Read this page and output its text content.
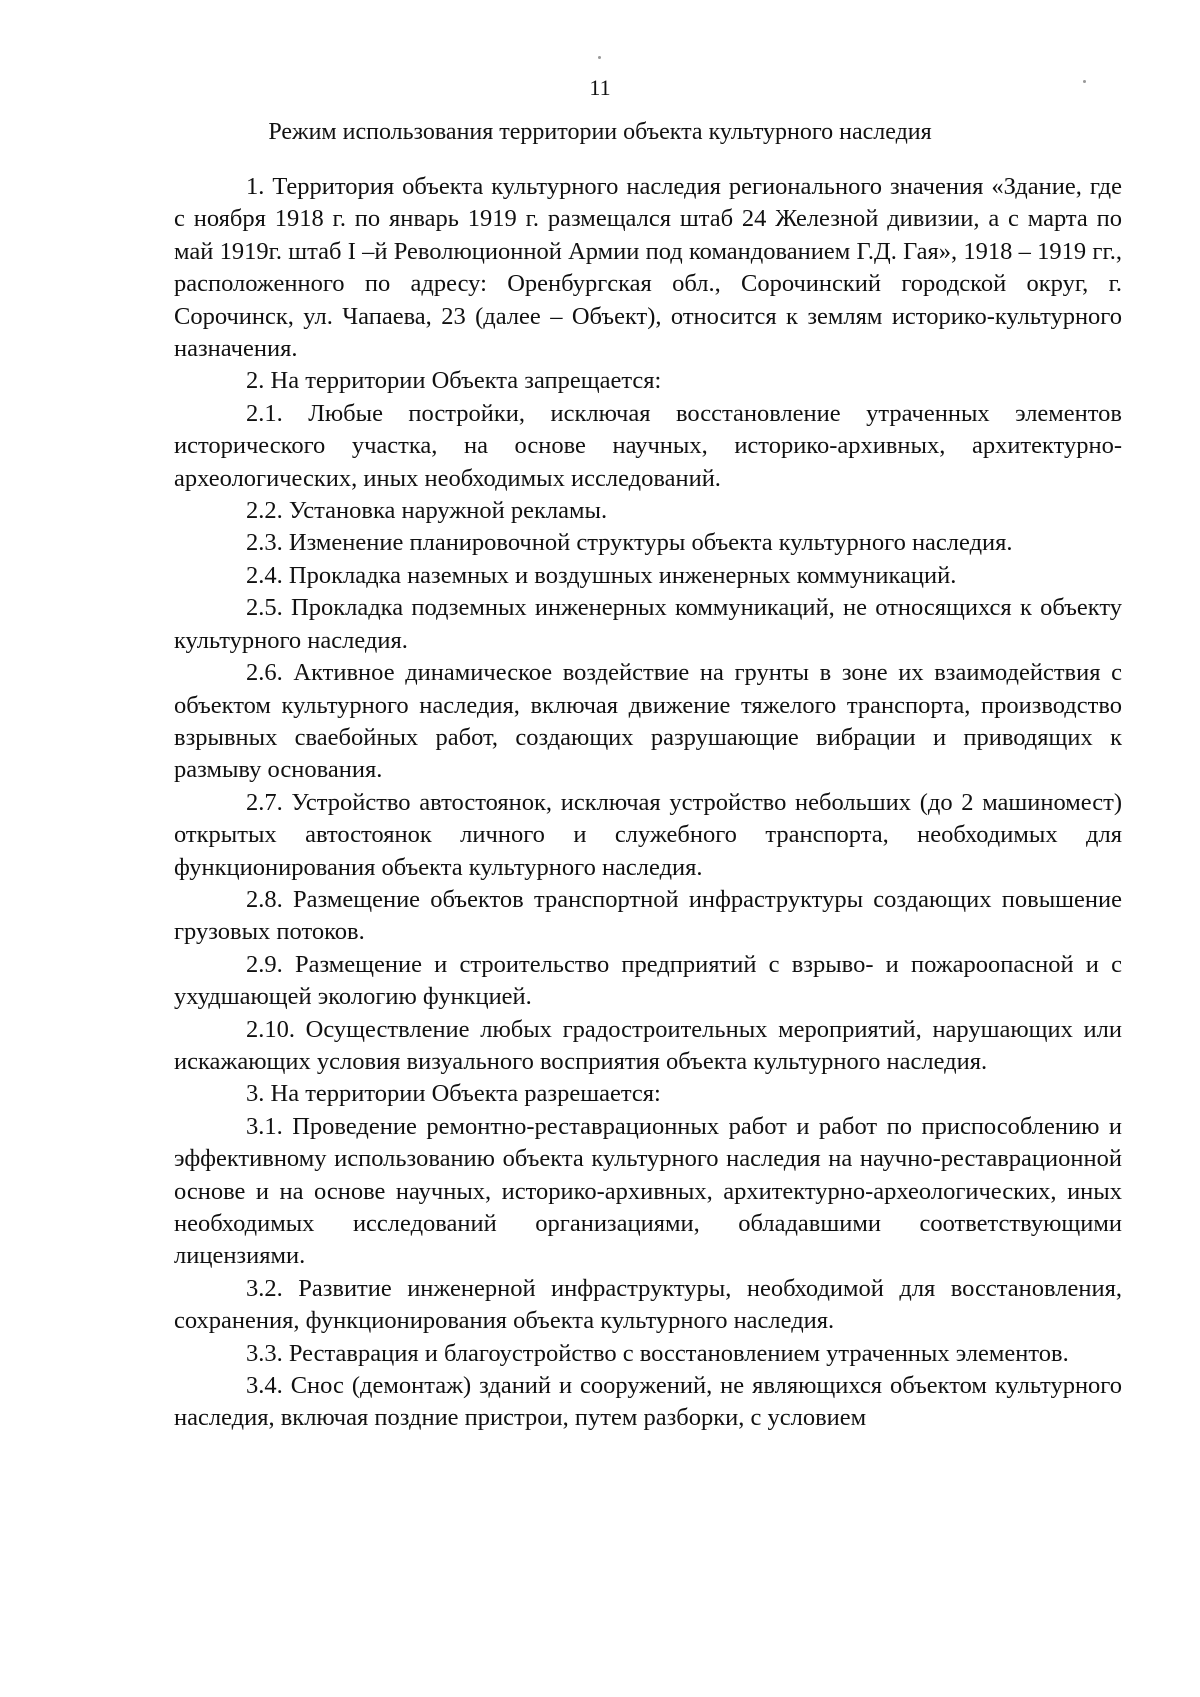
11
Режим использования территории объекта культурного наследия

1. Территория объекта культурного наследия регионального значения «Здание, где с ноября 1918 г. по январь 1919 г. размещался штаб 24 Железной дивизии, а с марта по май 1919г. штаб I –й Революционной Армии под командованием Г.Д. Гая», 1918 – 1919 гг., расположенного по адресу: Оренбургская обл., Сорочинский городской округ, г. Сорочинск, ул. Чапаева, 23 (далее – Объект), относится к землям историко-культурного назначения.

2. На территории Объекта запрещается:

2.1. Любые постройки, исключая восстановление утраченных элементов исторического участка, на основе научных, историко-архивных, архитектурно-археологических, иных необходимых исследований.

2.2. Установка наружной рекламы.

2.3. Изменение планировочной структуры объекта культурного наследия.

2.4. Прокладка наземных и воздушных инженерных коммуникаций.

2.5. Прокладка подземных инженерных коммуникаций, не относящихся к объекту культурного наследия.

2.6. Активное динамическое воздействие на грунты в зоне их взаимодействия с объектом культурного наследия, включая движение тяжелого транспорта, производство взрывных сваебойных работ, создающих разрушающие вибрации и приводящих к размыву основания.

2.7. Устройство автостоянок, исключая устройство небольших (до 2 машиномест) открытых автостоянок личного и служебного транспорта, необходимых для функционирования объекта культурного наследия.

2.8. Размещение объектов транспортной инфраструктуры создающих повышение грузовых потоков.

2.9. Размещение и строительство предприятий с взрыво- и пожароопасной и с ухудшающей экологию функцией.

2.10. Осуществление любых градостроительных мероприятий, нарушающих или искажающих условия визуального восприятия объекта культурного наследия.

3. На территории Объекта разрешается:

3.1. Проведение ремонтно-реставрационных работ и работ по приспособлению и эффективному использованию объекта культурного наследия на научно-реставрационной основе и на основе научных, историко-архивных, архитектурно-археологических, иных необходимых исследований организациями, обладавшими соответствующими лицензиями.

3.2. Развитие инженерной инфраструктуры, необходимой для восстановления, сохранения, функционирования объекта культурного наследия.

3.3. Реставрация и благоустройство с восстановлением утраченных элементов.

3.4. Снос (демонтаж) зданий и сооружений, не являющихся объектом культурного наследия, включая поздние пристрои, путем разборки, с условием
